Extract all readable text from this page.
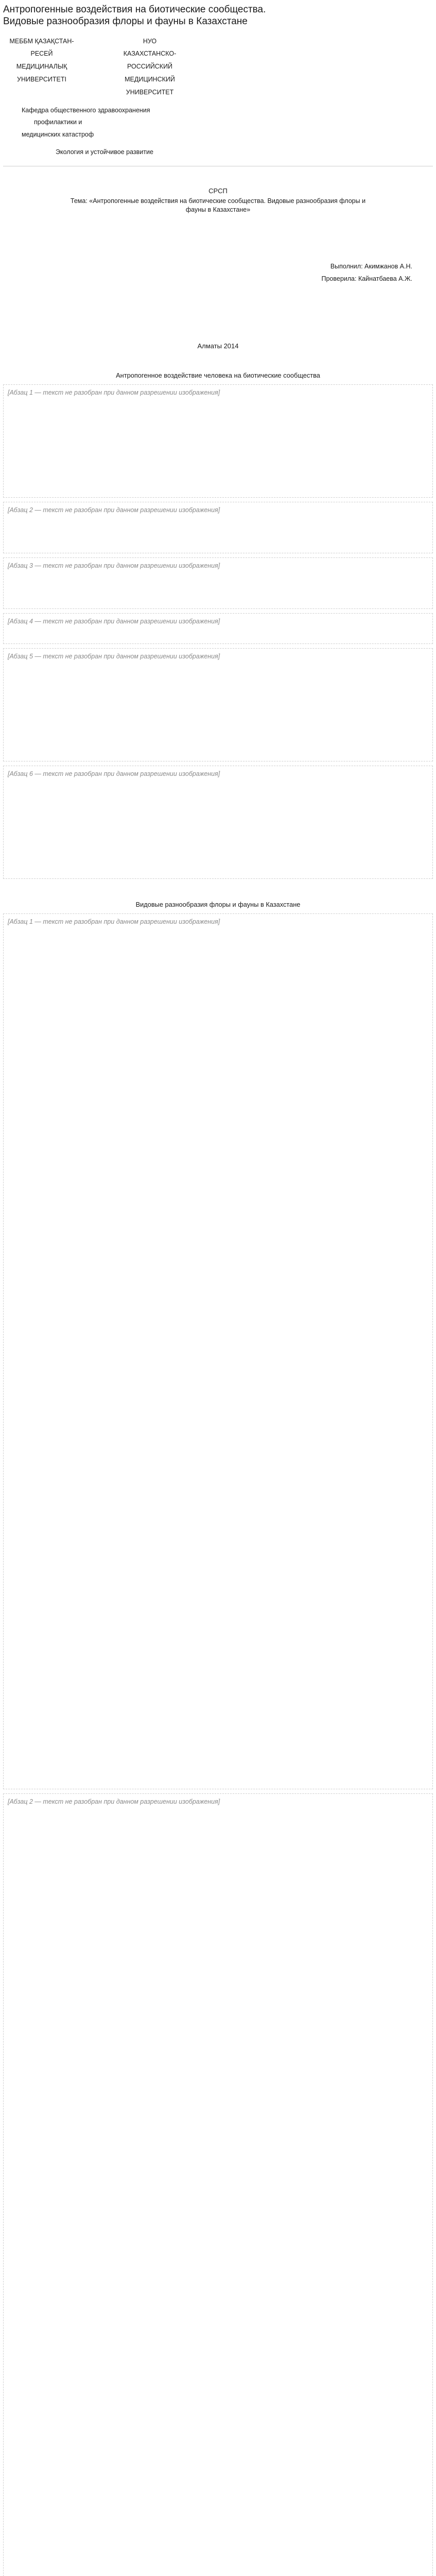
Антропогенные воздействия на биотические сообщества.
Видовые разнообразия флоры и фауны в Казахстане
МЕББМ ҚАЗАҚСТАН-
РЕСЕЙ
МЕДИЦИНАЛЫҚ
УНИВЕРСИТЕТІ
НУО
КАЗАХСТАНСКО-
РОССИЙСКИЙ
МЕДИЦИНСКИЙ
УНИВЕРСИТЕТ
Кафедра общественного здравоохранения
профилактики и
медицинских катастроф
Экология и устойчивое развитие
СРСП
Тема: «Антропогенные воздействия на биотические сообщества. Видовые разнообразия флоры и фауны в Казахстане»
Выполнил: Акимжанов А.Н.
Проверила: Кайнатбаева А.Ж.
Алматы 2014
Антропогенное воздействие человека на биотические сообщества

[Абзац 1 — текст не разобран при данном разрешении изображения]

[Абзац 2 — текст не разобран при данном разрешении изображения]

[Абзац 3 — текст не разобран при данном разрешении изображения]

[Абзац 4 — текст не разобран при данном разрешении изображения]

[Абзац 5 — текст не разобран при данном разрешении изображения]

[Абзац 6 — текст не разобран при данном разрешении изображения]

Видовые разнообразия флоры и фауны в Казахстане

[Абзац 1 — текст не разобран при данном разрешении изображения]

[Абзац 2 — текст не разобран при данном разрешении изображения]
